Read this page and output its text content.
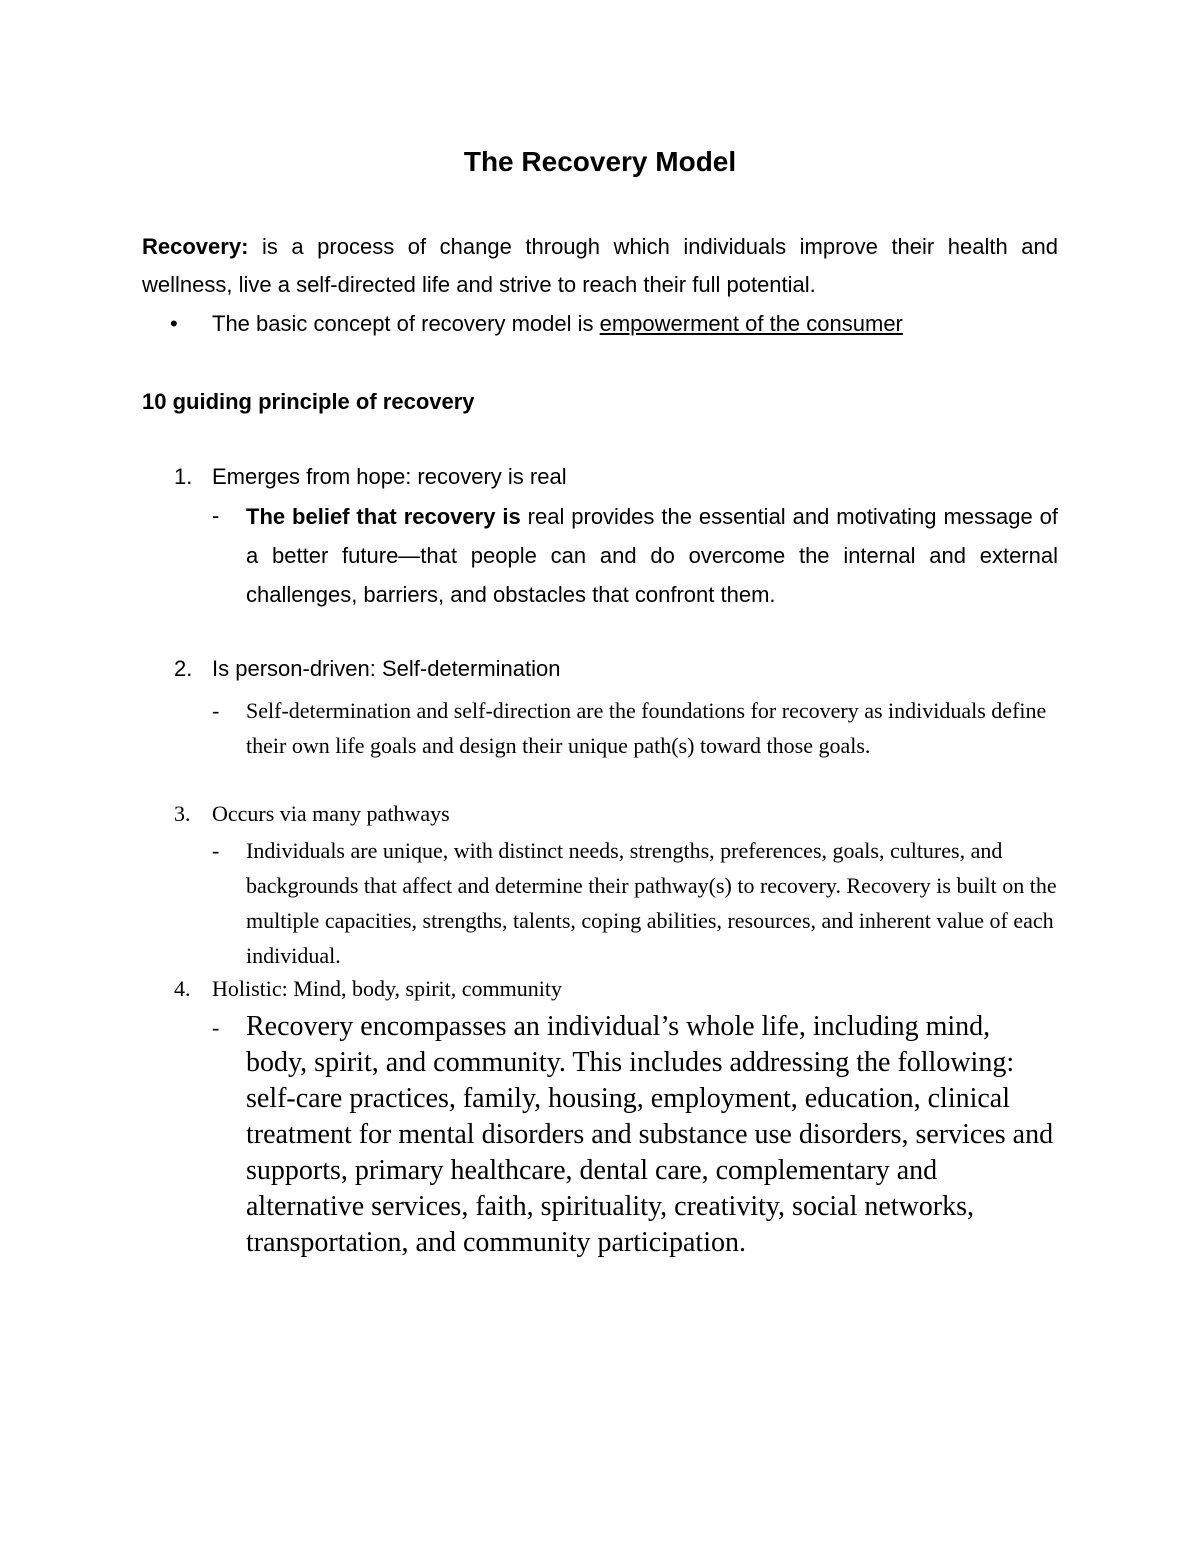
The Recovery Model
Recovery: is a process of change through which individuals improve their health and wellness, live a self-directed life and strive to reach their full potential.
•	The basic concept of recovery model is empowerment of the consumer
10 guiding principle of recovery
1. Emerges from hope: recovery is real
- The belief that recovery is real provides the essential and motivating message of a better future—that people can and do overcome the internal and external challenges, barriers, and obstacles that confront them.
2. Is person-driven: Self-determination
- Self-determination and self-direction are the foundations for recovery as individuals define their own life goals and design their unique path(s) toward those goals.
3. Occurs via many pathways
- Individuals are unique, with distinct needs, strengths, preferences, goals, cultures, and backgrounds that affect and determine their pathway(s) to recovery. Recovery is built on the multiple capacities, strengths, talents, coping abilities, resources, and inherent value of each individual.
4. Holistic: Mind, body, spirit, community
- Recovery encompasses an individual’s whole life, including mind, body, spirit, and community. This includes addressing the following: self-care practices, family, housing, employment, education, clinical treatment for mental disorders and substance use disorders, services and supports, primary healthcare, dental care, complementary and alternative services, faith, spirituality, creativity, social networks, transportation, and community participation.
